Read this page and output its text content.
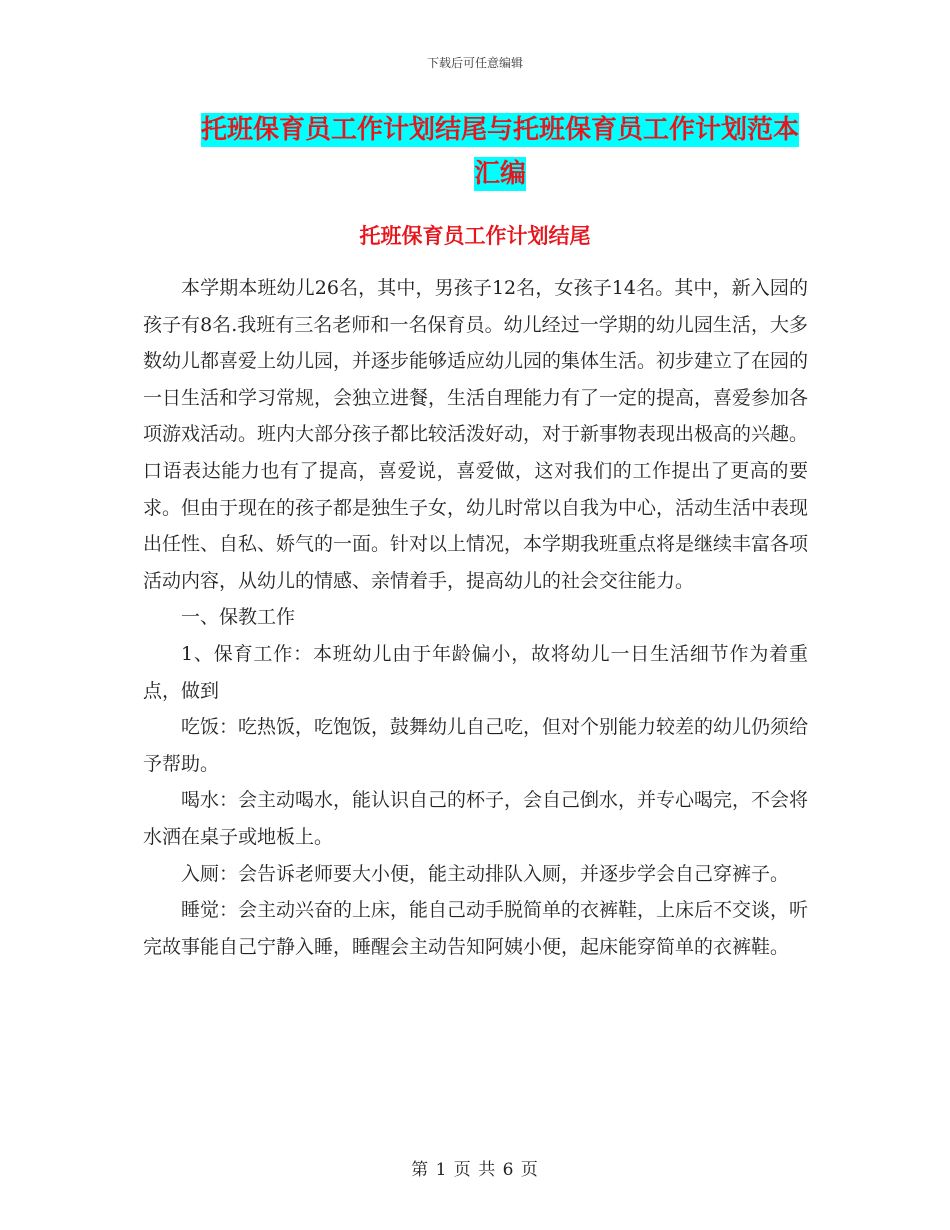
下载后可任意编辑
托班保育员工作计划结尾与托班保育员工作计划范本
汇编
托班保育员工作计划结尾

本学期本班幼儿26名，其中，男孩子12名，女孩子14名。其中，新入园的孩子有8名.我班有三名老师和一名保育员。幼儿经过一学期的幼儿园生活，大多数幼儿都喜爱上幼儿园，并逐步能够适应幼儿园的集体生活。初步建立了在园的一日生活和学习常规，会独立进餐，生活自理能力有了一定的提高，喜爱参加各项游戏活动。班内大部分孩子都比较活泼好动，对于新事物表现出极高的兴趣。口语表达能力也有了提高，喜爱说，喜爱做，这对我们的工作提出了更高的要求。但由于现在的孩子都是独生子女，幼儿时常以自我为中心，活动生活中表现出任性、自私、娇气的一面。针对以上情况，本学期我班重点将是继续丰富各项活动内容，从幼儿的情感、亲情着手，提高幼儿的社会交往能力。

一、保教工作

1、保育工作：本班幼儿由于年龄偏小，故将幼儿一日生活细节作为着重点，做到

吃饭：吃热饭，吃饱饭，鼓舞幼儿自己吃，但对个别能力较差的幼儿仍须给予帮助。

喝水：会主动喝水，能认识自己的杯子，会自己倒水，并专心喝完，不会将水洒在桌子或地板上。

入厕：会告诉老师要大小便，能主动排队入厕，并逐步学会自己穿裤子。

睡觉：会主动兴奋的上床，能自己动手脱简单的衣裤鞋，上床后不交谈，听完故事能自己宁静入睡，睡醒会主动告知阿姨小便，起床能穿简单的衣裤鞋。

第 1 页 共 6 页
